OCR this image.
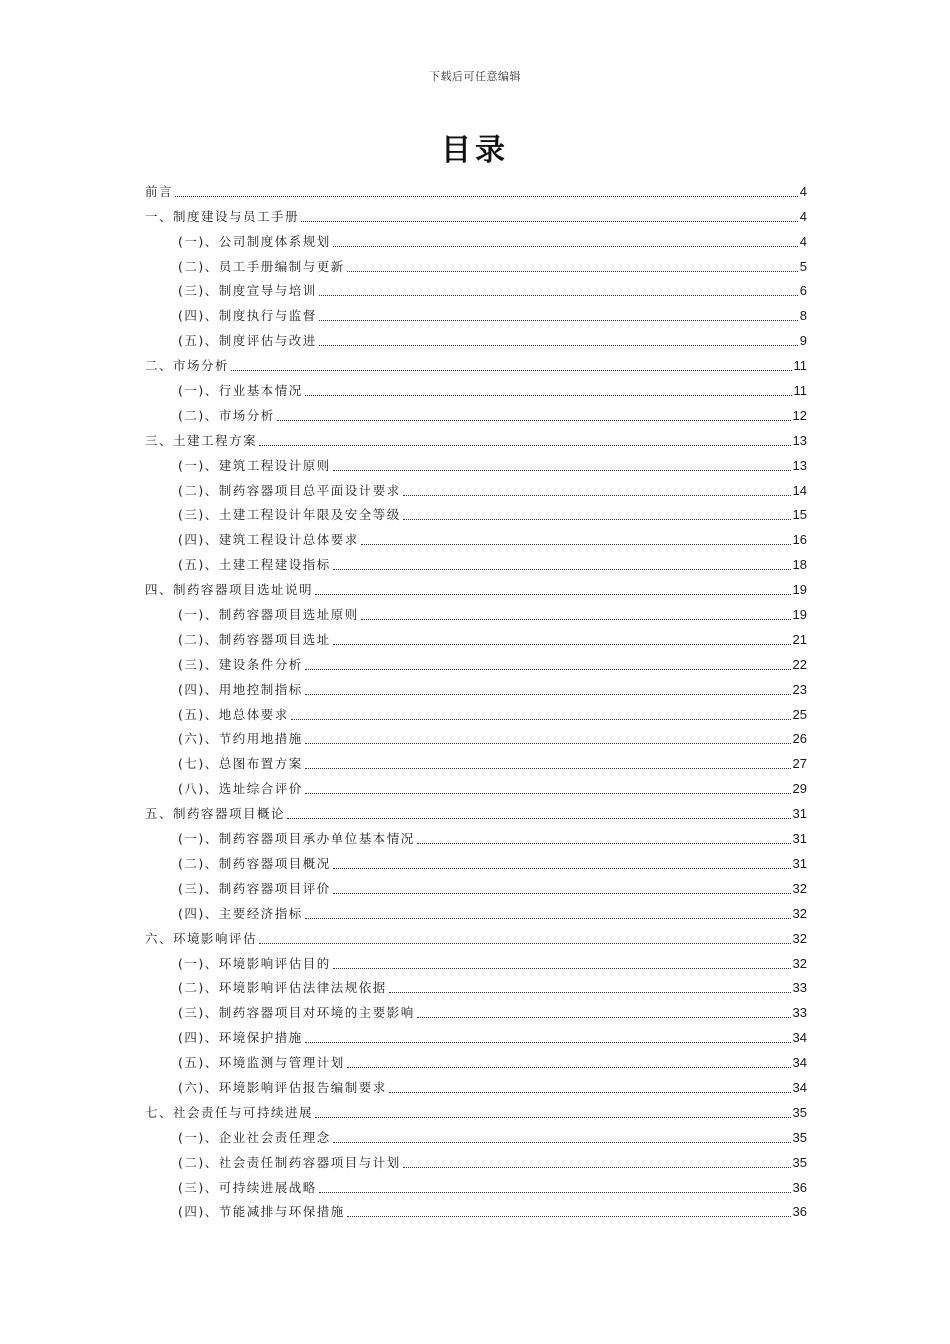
下载后可任意编辑
目录
前言	4
一、制度建设与员工手册	4
(一)、公司制度体系规划	4
(二)、员工手册编制与更新	5
(三)、制度宣导与培训	6
(四)、制度执行与监督	8
(五)、制度评估与改进	9
二、市场分析	11
(一)、行业基本情况	11
(二)、市场分析	12
三、土建工程方案	13
(一)、建筑工程设计原则	13
(二)、制药容器项目总平面设计要求	14
(三)、土建工程设计年限及安全等级	15
(四)、建筑工程设计总体要求	16
(五)、土建工程建设指标	18
四、制药容器项目选址说明	19
(一)、制药容器项目选址原则	19
(二)、制药容器项目选址	21
(三)、建设条件分析	22
(四)、用地控制指标	23
(五)、地总体要求	25
(六)、节约用地措施	26
(七)、总图布置方案	27
(八)、选址综合评价	29
五、制药容器项目概论	31
(一)、制药容器项目承办单位基本情况	31
(二)、制药容器项目概况	31
(三)、制药容器项目评价	32
(四)、主要经济指标	32
六、环境影响评估	32
(一)、环境影响评估目的	32
(二)、环境影响评估法律法规依据	33
(三)、制药容器项目对环境的主要影响	33
(四)、环境保护措施	34
(五)、环境监测与管理计划	34
(六)、环境影响评估报告编制要求	34
七、社会责任与可持续进展	35
(一)、企业社会责任理念	35
(二)、社会责任制药容器项目与计划	35
(三)、可持续进展战略	36
(四)、节能减排与环保措施	36
